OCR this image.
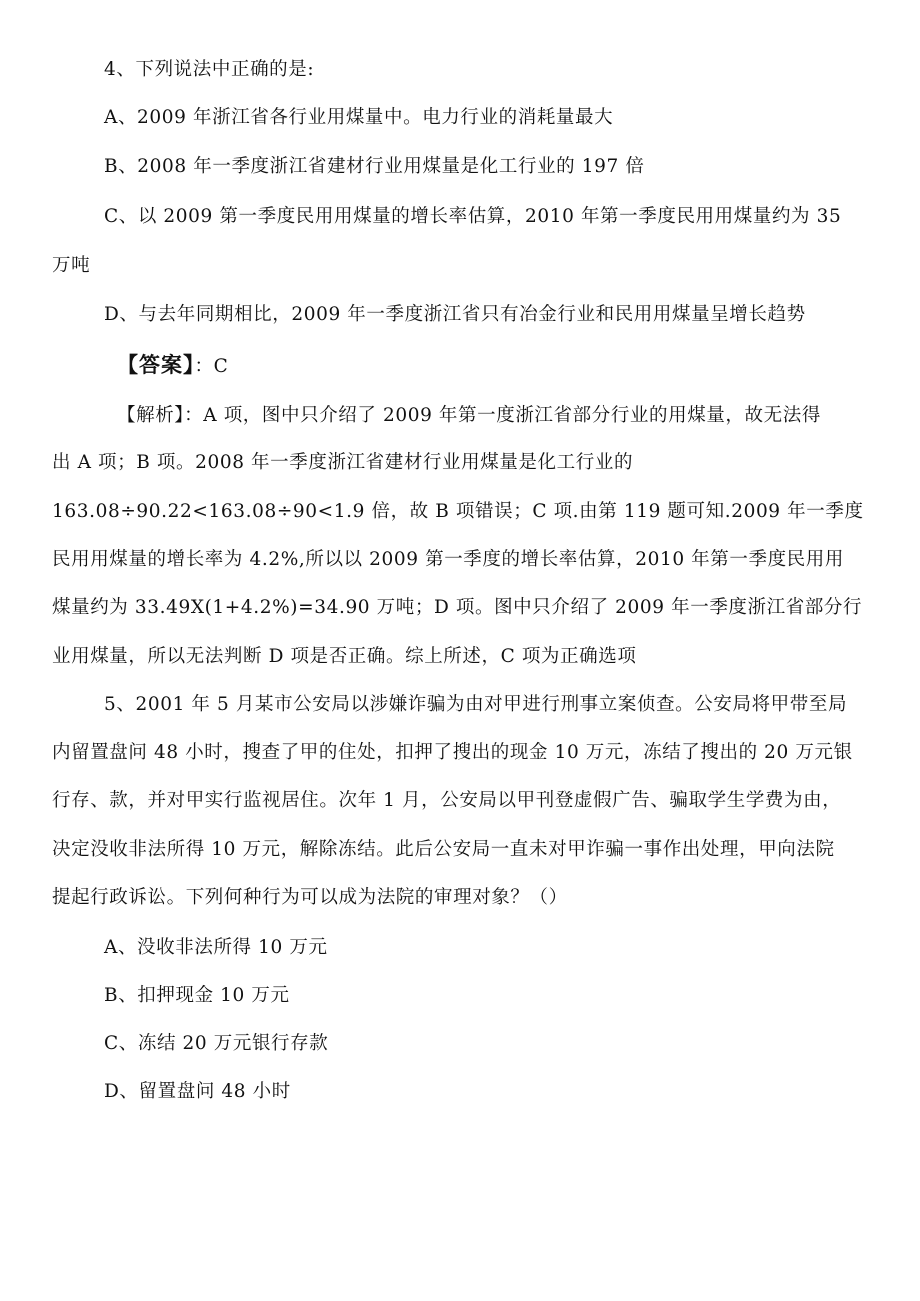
4、下列说法中正确的是:
A、2009 年浙江省各行业用煤量中。电力行业的消耗量最大
B、2008 年一季度浙江省建材行业用煤量是化工行业的 197 倍
C、以 2009 第一季度民用用煤量的增长率估算，2010 年第一季度民用用煤量约为 35
万吨
D、与去年同期相比，2009 年一季度浙江省只有冶金行业和民用用煤量呈增长趋势
【答案】：C
【解析】：A 项，图中只介绍了 2009 年第一度浙江省部分行业的用煤量，故无法得
出 A 项；B 项。2008 年一季度浙江省建材行业用煤量是化工行业的
163.08÷90.22<163.08÷90<1.9 倍，故 B 项错误；C 项.由第 119 题可知.2009 年一季度
民用用煤量的增长率为 4.2%,所以以 2009 第一季度的增长率估算，2010 年第一季度民用用
煤量约为 33.49X(1+4.2%)=34.90 万吨；D 项。图中只介绍了 2009 年一季度浙江省部分行
业用煤量，所以无法判断 D 项是否正确。综上所述，C 项为正确选项
5、2001 年 5 月某市公安局以涉嫌诈骗为由对甲进行刑事立案侦查。公安局将甲带至局
内留置盘问 48 小时，搜查了甲的住处，扣押了搜出的现金 10 万元，冻结了搜出的 20 万元银
行存、款，并对甲实行监视居住。次年 1 月，公安局以甲刊登虚假广告、骗取学生学费为由，
决定没收非法所得 10 万元，解除冻结。此后公安局一直未对甲诈骗一事作出处理，甲向法院
提起行政诉讼。下列何种行为可以成为法院的审理对象？（）
A、没收非法所得 10 万元
B、扣押现金 10 万元
C、冻结 20 万元银行存款
D、留置盘问 48 小时
